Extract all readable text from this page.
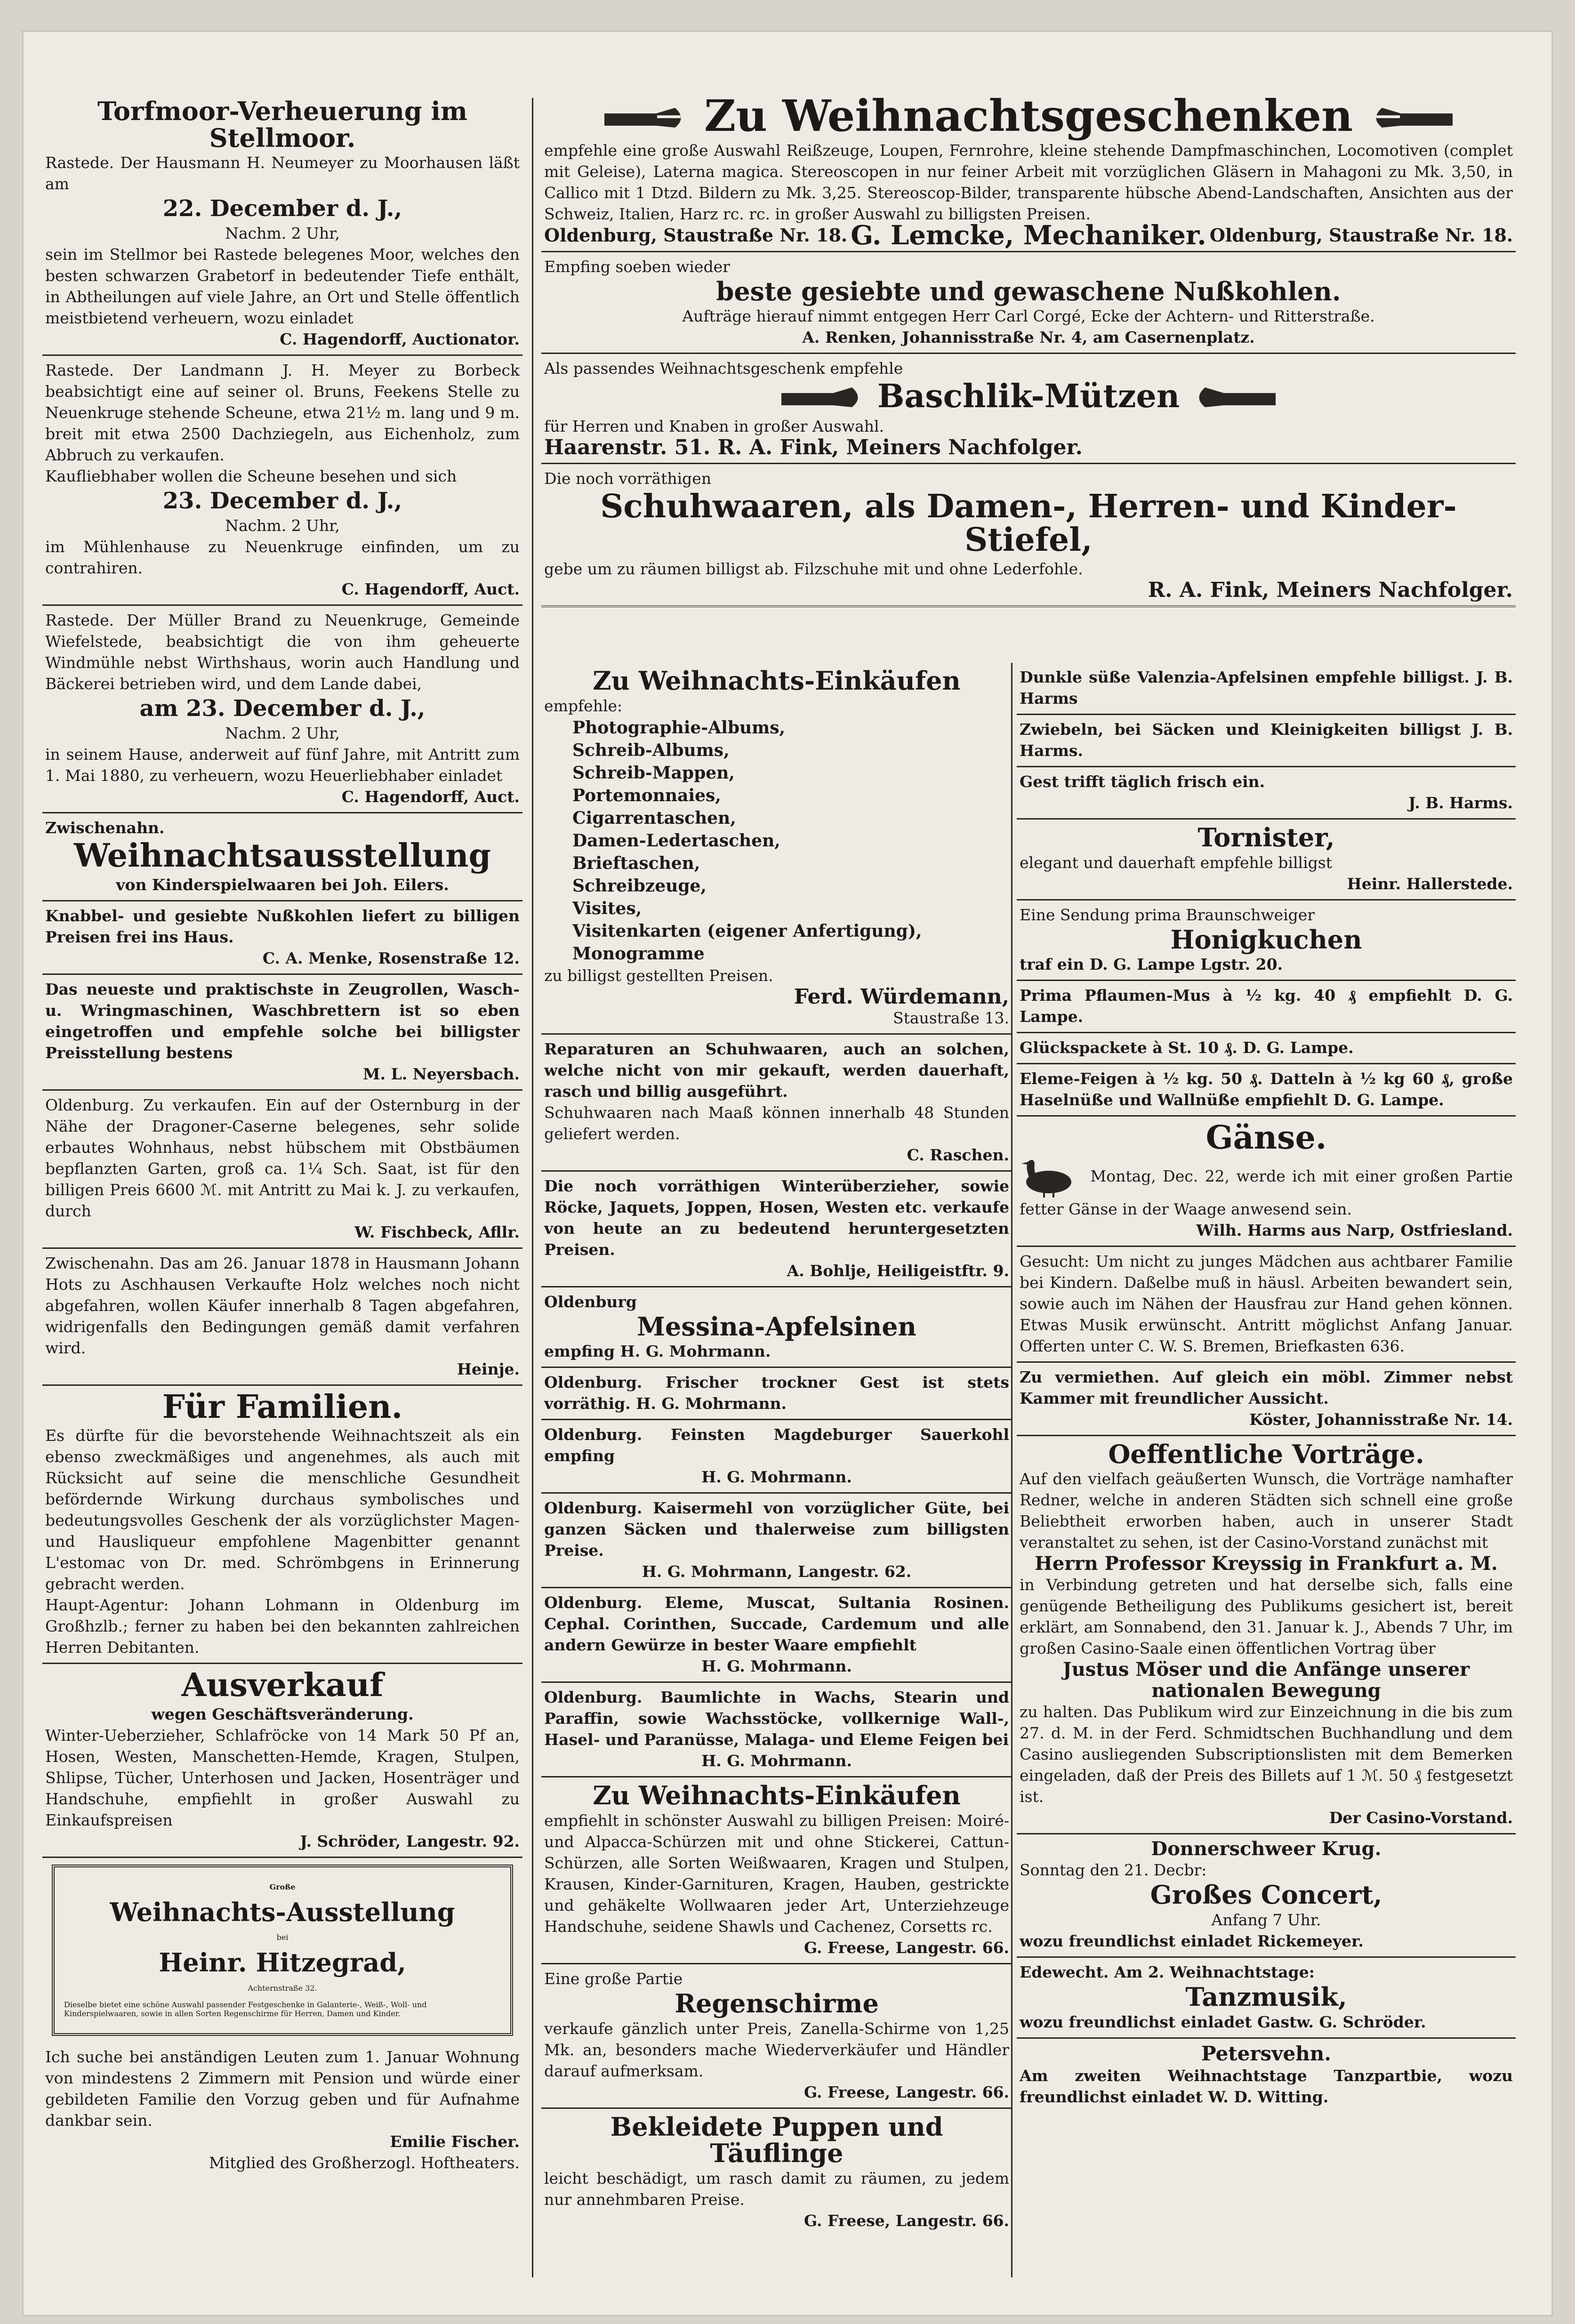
Torfmoor-Verheuerung im Stellmoor.

Rastede. Der Hausmann H. Neumeyer zu Moorhausen läßt am

22. December d. J.,

Nachm. 2 Uhr,

sein im Stellmor bei Rastede belegenes Moor, welches den besten schwarzen Grabetorf in bedeutender Tiefe enthält, in Abtheilungen auf viele Jahre, an Ort und Stelle öffentlich meistbietend verheuern, wozu einladet

C. Hagendorff, Auctionator.

Rastede. Der Landmann J. H. Meyer zu Borbeck beabsichtigt eine auf seiner ol. Bruns, Feekens Stelle zu Neuenkruge stehende Scheune, etwa 21½ m. lang und 9 m. breit mit etwa 2500 Dachziegeln, aus Eichenholz, zum Abbruch zu verkaufen.

Kaufliebhaber wollen die Scheune besehen und sich

23. December d. J.,

Nachm. 2 Uhr,

im Mühlenhause zu Neuenkruge einfinden, um zu contrahiren.

C. Hagendorff, Auct.

Rastede. Der Müller Brand zu Neuenkruge, Gemeinde Wiefelstede, beabsichtigt die von ihm geheuerte Windmühle nebst Wirthshaus, worin auch Handlung und Bäckerei betrieben wird, und dem Lande dabei,

am 23. December d. J.,

Nachm. 2 Uhr,

in seinem Hause, anderweit auf fünf Jahre, mit Antritt zum 1. Mai 1880, zu verheuern, wozu Heuerliebhaber einladet

C. Hagendorff, Auct.

Zwischenahn.

Weihnachtsausstellung

von Kinderspielwaaren bei Joh. Eilers.

Knabbel- und gesiebte Nußkohlen liefert zu billigen Preisen frei ins Haus.

C. A. Menke, Rosenstraße 12.

Das neueste und praktischste in Zeugrollen, Wasch- u. Wringmaschinen, Waschbrettern ist so eben eingetroffen und empfehle solche bei billigster Preisstellung bestens

M. L. Neyersbach.

Oldenburg. Zu verkaufen. Ein auf der Osternburg in der Nähe der Dragoner-Caserne belegenes, sehr solide erbautes Wohnhaus, nebst hübschem mit Obstbäumen bepflanzten Garten, groß ca. 1¼ Sch. Saat, ist für den billigen Preis 6600 ℳ. mit Antritt zu Mai k. J. zu verkaufen, durch

W. Fischbeck, Afllr.

Zwischenahn. Das am 26. Januar 1878 in Hausmann Johann Hots zu Aschhausen Verkaufte Holz welches noch nicht abgefahren, wollen Käufer innerhalb 8 Tagen abgefahren, widrigenfalls den Bedingungen gemäß damit verfahren wird.

Heinje.

Für Familien.

Es dürfte für die bevorstehende Weihnachtszeit als ein ebenso zweckmäßiges und angenehmes, als auch mit Rücksicht auf seine die menschliche Gesundheit befördernde Wirkung durchaus symbolisches und bedeutungsvolles Geschenk der als vorzüglichster Magen- und Hausliqueur empfohlene Magenbitter genannt L'estomac von Dr. med. Schrömbgens in Erinnerung gebracht werden.

Haupt-Agentur: Johann Lohmann in Oldenburg im Großhzlb.; ferner zu haben bei den bekannten zahlreichen Herren Debitanten.

Ausverkauf

wegen Geschäftsveränderung.

Winter-Ueberzieher, Schlafröcke von 14 Mark 50 Pf an, Hosen, Westen, Manschetten-Hemde, Kragen, Stulpen, Shlipse, Tücher, Unterhosen und Jacken, Hosenträger und Handschuhe, empfiehlt in großer Auswahl zu Einkaufspreisen

J. Schröder, Langestr. 92.

Große

Weihnachts-Ausstellung

bei

Heinr. Hitzegrad,

Achternstraße 32.

Dieselbe bietet eine schöne Auswahl passender Festgeschenke in Galanterie-, Weiß-, Woll- und Kinderspielwaaren, sowie in allen Sorten Regenschirme für Herren, Damen und Kinder.

Ich suche bei anständigen Leuten zum 1. Januar Wohnung von mindestens 2 Zimmern mit Pension und würde einer gebildeten Familie den Vorzug geben und für Aufnahme dankbar sein.

Emilie Fischer.

Mitglied des Großherzogl. Hoftheaters.

Zu Weihnachtsgeschenken

empfehle eine große Auswahl Reißzeuge, Loupen, Fernrohre, kleine stehende Dampfmaschinchen, Locomotiven (complet mit Geleise), Laterna magica. Stereoscopen in nur feiner Arbeit mit vorzüglichen Gläsern in Mahagoni zu Mk. 3,50, in Callico mit 1 Dtzd. Bildern zu Mk. 3,25. Stereoscop-Bilder, transparente hübsche Abend-Landschaften, Ansichten aus der Schweiz, Italien, Harz rc. rc. in großer Auswahl zu billigsten Preisen.

Oldenburg, Staustraße Nr. 18. G. Lemcke, Mechaniker. Oldenburg, Staustraße Nr. 18.

Empfing soeben wieder

beste gesiebte und gewaschene Nußkohlen.

Aufträge hierauf nimmt entgegen Herr Carl Corgé, Ecke der Achtern- und Ritterstraße.

A. Renken, Johannisstraße Nr. 4, am Casernenplatz.

Als passendes Weihnachtsgeschenk empfehle

Baschlik-Mützen

für Herren und Knaben in großer Auswahl.

Haarenstr. 51. R. A. Fink, Meiners Nachfolger.

Die noch vorräthigen

Schuhwaaren, als Damen-, Herren- und Kinder-Stiefel,

gebe um zu räumen billigst ab. Filzschuhe mit und ohne Lederfohle.

R. A. Fink, Meiners Nachfolger.

Zu Weihnachts-Einkäufen

empfehle:

Photographie-Albums,

Schreib-Albums,

Schreib-Mappen,

Portemonnaies,

Cigarrentaschen,

Damen-Ledertaschen,

Brieftaschen,

Schreibzeuge,

Visites,

Visitenkarten (eigener Anfertigung),

Monogramme

zu billigst gestellten Preisen.

Ferd. Würdemann,

Staustraße 13.

Reparaturen an Schuhwaaren, auch an solchen, welche nicht von mir gekauft, werden dauerhaft, rasch und billig ausgeführt.

Schuhwaaren nach Maaß können innerhalb 48 Stunden geliefert werden.

C. Raschen.

Die noch vorräthigen Winterüberzieher, sowie Röcke, Jaquets, Joppen, Hosen, Westen etc. verkaufe von heute an zu bedeutend heruntergesetzten Preisen.

A. Bohlje, Heiligeistftr. 9.

Oldenburg

Messina-Apfelsinen

empfing H. G. Mohrmann.

Oldenburg. Frischer trockner Gest ist stets vorräthig. H. G. Mohrmann.

Oldenburg. Feinsten Magdeburger Sauerkohl empfing

H. G. Mohrmann.

Oldenburg. Kaisermehl von vorzüglicher Güte, bei ganzen Säcken und thalerweise zum billigsten Preise.

H. G. Mohrmann, Langestr. 62.

Oldenburg. Eleme, Muscat, Sultania Rosinen. Cephal. Corinthen, Succade, Cardemum und alle andern Gewürze in bester Waare empfiehlt

H. G. Mohrmann.

Oldenburg. Baumlichte in Wachs, Stearin und Paraffin, sowie Wachsstöcke, vollkernige Wall-, Hasel- und Paranüsse, Malaga- und Eleme Feigen bei

H. G. Mohrmann.

Zu Weihnachts-Einkäufen

empfiehlt in schönster Auswahl zu billigen Preisen: Moiré- und Alpacca-Schürzen mit und ohne Stickerei, Cattun-Schürzen, alle Sorten Weißwaaren, Kragen und Stulpen, Krausen, Kinder-Garnituren, Kragen, Hauben, gestrickte und gehäkelte Wollwaaren jeder Art, Unterziehzeuge Handschuhe, seidene Shawls und Cachenez, Corsetts rc.

G. Freese, Langestr. 66.

Eine große Partie

Regenschirme

verkaufe gänzlich unter Preis, Zanella-Schirme von 1,25 Mk. an, besonders mache Wiederverkäufer und Händler darauf aufmerksam.

G. Freese, Langestr. 66.

Bekleidete Puppen und Täuflinge

leicht beschädigt, um rasch damit zu räumen, zu jedem nur annehmbaren Preise.

G. Freese, Langestr. 66.

Dunkle süße Valenzia-Apfelsinen empfehle billigst. J. B. Harms

Zwiebeln, bei Säcken und Kleinigkeiten billigst J. B. Harms.

Gest trifft täglich frisch ein.

J. B. Harms.

Tornister,

elegant und dauerhaft empfehle billigst

Heinr. Hallerstede.

Eine Sendung prima Braunschweiger

Honigkuchen

traf ein D. G. Lampe Lgstr. 20.

Prima Pflaumen-Mus à ½ kg. 40 ₰ empfiehlt D. G. Lampe.

Glückspackete à St. 10 ₰. D. G. Lampe.

Eleme-Feigen à ½ kg. 50 ₰. Datteln à ½ kg 60 ₰, große Haselnüße und Wallnüße empfiehlt D. G. Lampe.

Gänse.

Montag, Dec. 22, werde ich mit einer großen Partie fetter Gänse in der Waage anwesend sein.

Wilh. Harms aus Narp, Ostfriesland.

Gesucht: Um nicht zu junges Mädchen aus achtbarer Familie bei Kindern. Daßelbe muß in häusl. Arbeiten bewandert sein, sowie auch im Nähen der Hausfrau zur Hand gehen können. Etwas Musik erwünscht. Antritt möglichst Anfang Januar. Offerten unter C. W. S. Bremen, Briefkasten 636.

Zu vermiethen. Auf gleich ein möbl. Zimmer nebst Kammer mit freundlicher Aussicht.

Köster, Johannisstraße Nr. 14.

Oeffentliche Vorträge.

Auf den vielfach geäußerten Wunsch, die Vorträge namhafter Redner, welche in anderen Städten sich schnell eine große Beliebtheit erworben haben, auch in unserer Stadt veranstaltet zu sehen, ist der Casino-Vorstand zunächst mit

Herrn Professor Kreyssig in Frankfurt a. M.

in Verbindung getreten und hat derselbe sich, falls eine genügende Betheiligung des Publikums gesichert ist, bereit erklärt, am Sonnabend, den 31. Januar k. J., Abends 7 Uhr, im großen Casino-Saale einen öffentlichen Vortrag über

Justus Möser und die Anfänge unserer nationalen Bewegung

zu halten. Das Publikum wird zur Einzeichnung in die bis zum 27. d. M. in der Ferd. Schmidtschen Buchhandlung und dem Casino ausliegenden Subscriptionslisten mit dem Bemerken eingeladen, daß der Preis des Billets auf 1 ℳ. 50 ₰ festgesetzt ist.

Der Casino-Vorstand.

Donnerschweer Krug.

Sonntag den 21. Decbr:

Großes Concert,

Anfang 7 Uhr.

wozu freundlichst einladet Rickemeyer.

Edewecht. Am 2. Weihnachtstage:

Tanzmusik,

wozu freundlichst einladet Gastw. G. Schröder.

Petersvehn.

Am zweiten Weihnachtstage Tanzpartbie, wozu freundlichst einladet W. D. Witting.
